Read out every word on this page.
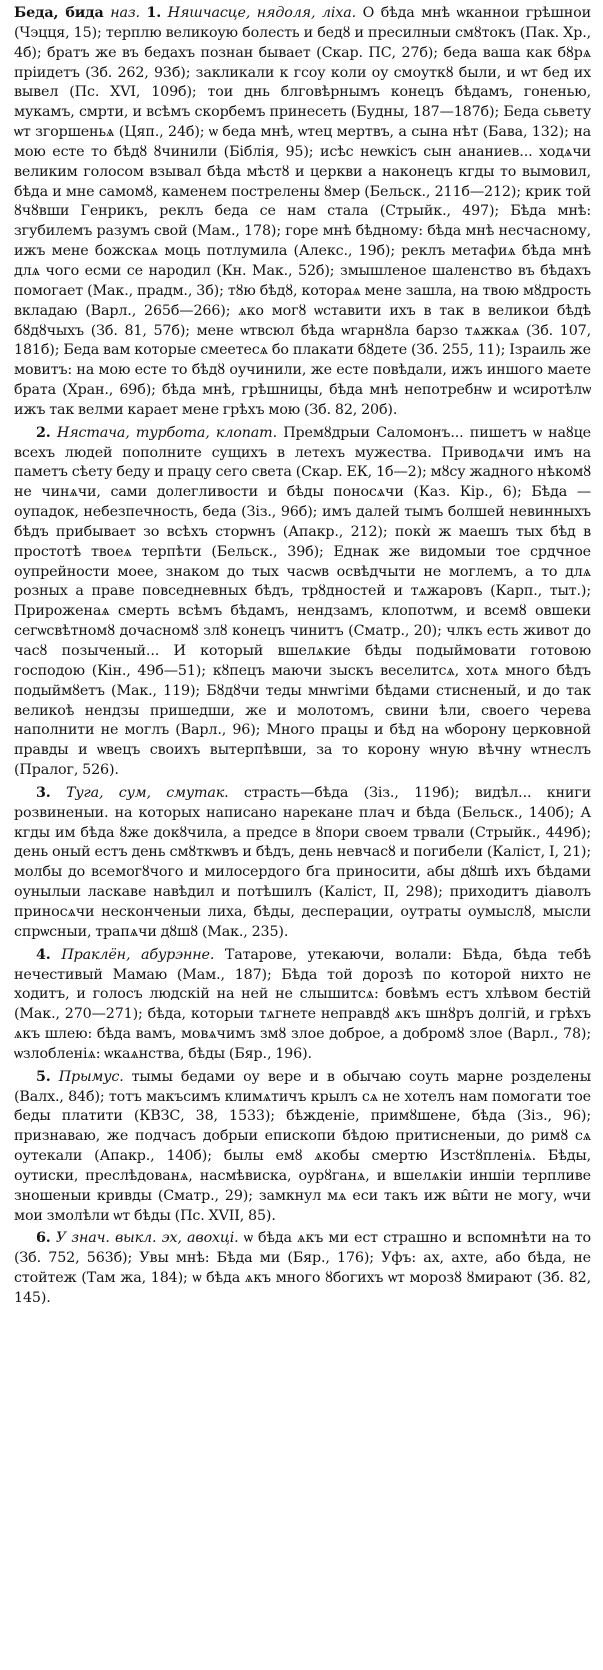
Беда, бида наз. 1. Няшчасце, нядоля, ліха. О бѣда мнѣ ѡканнои грѣшнои (Чэцця, 15); терплю великоую болесть и бедȣ и пресилныи смȣтокъ (Пак. Хр., 4б); братъ же въ бедахъ познан бывает (Скар. ПС, 27б); беда ваша как бȣрѧ прiидетъ (Зб. 262, 93б); закликали к гсоу коли оу смоуткȣ были, и ѡт бед их вывел (Пс. XVI, 109б); тои днь блговѣрнымъ конецъ бѣдамъ, гоненью, мукамъ, смрти, и всѣмъ скорбемъ принесеть (Будны, 187—187б); Беда сьвету ѡт згоршеньѧ (Цяп., 24б); ѡ беда мнѣ, ѡтец мертвъ, а сына нѣт (Бава, 132); на мою есте то бѣдȣ ȣчинили (Біблія, 95); исѣс неѡкiсъ сын ананиев... ходѧчи великим голосом взывал бѣда мѣстȣ и церкви а наконецъ кгды то вымовил, бѣда и мне самомȣ, каменем пострелены ȣмер (Бельск., 211б—212); крик той ȣчȣвши Генрикъ, реклъ беда се нам стала (Стрыйк., 497); Бѣда мнѣ: згубилемъ разумъ свой (Мам., 178); горе мнѣ бѣдному: бѣда мнѣ несчасному, ижъ мене божскаѧ моць потлумила (Алекс., 19б); реклъ метафиѧ бѣда мнѣ длѧ чого есми се народил (Кн. Мак., 52б); змышленое шаленство въ бѣдахъ помогает (Мак., прадм., 3б); тȣю бѣдȣ, котораѧ мене зашла, на твою мȣдрость вкладаю (Варл., 265б—266); ѧко могȣ ѡставити ихъ в так в великои бѣдѣ бȣдȣчыхъ (Зб. 81, 57б); мене ѡтвсюл бѣда ѡгарнȣла барзо тѧжкаѧ (Зб. 107, 181б); Беда вам которые смеетесѧ бо плакати бȣдете (Зб. 255, 11); Ізраиль же мовитъ: на мою есте то бѣдȣ оучинили, же есте повѣдали, ижъ иншого маете брата (Хран., 69б); бѣда мнѣ, грѣшницы, бѣда мнѣ непотребнѡ и ѡсиротѣлѡ ижъ так велми карает мене грѣхъ мою (Зб. 82, 20б).

2. Нястача, турбота, клопат. Премȣдрыи Саломонъ... пишетъ ѡ нaȣце всехъ людей пополните сущихъ в летехъ мужества. Приводѧчи имъ на паметъ сѣету беду и працу сего света (Скар. ЕК, 1б—2); мȣсу жадного нѣкомȣ не чинѧчи, сами долегливости и бѣды поносѧчи (Каз. Кір., 6); Бѣда — оупадок, небезпечность, беда (Зіз., 96б); имъ далей тымъ болшей невинныхъ бѣдъ прибывает зо всѣхъ сторѡнъ (Апакр., 212); покѝ ж маешъ тых бѣд в простотѣ твоеѧ терпѣти (Бельск., 39б); Еднак же видомыи тое срдчное оупрейности моее, знаком до тых часѡв освѣдчыти не моглемъ, а то длѧ розных а праве повседневных бѣдъ, трȣдностей и тѧжаровъ (Карп., тыт.); Прироженаѧ смерть всѣмъ бѣдамъ, нендзамъ, клопотѡм, и всемȣ овшеки сегѡсвѣтномȣ дочасномȣ злȣ конецъ чинитъ (Сматр., 20); члкъ есть живот до часȣ позыченый... И который вшелѧкие бѣды подыймовати готовою господою (Кін., 49б—51); кȣпецъ маючи зыскъ веселитсѧ, хотѧ много бѣдъ подыймȣетъ (Мак., 119); Бȣдȣчи теды мнѡгiми бѣдами стисненый, и до так великоѣ нендзы пришедши, же и молотомъ, свини ѣли, своего черева наполнити не моглъ (Варл., 96); Много працы и бѣд на ѡборону церковной правды и ѡвецъ своихъ вытерпѣвши, за то корону ѡную вѣчну ѡтнеслъ (Пралог, 526).

3. Туга, сум, смутак. страсть—бѣда (Зіз., 119б); видѣл... книги розвиненыи. на которых написано нарекане плач и бѣда (Бельск., 140б); А кгды им бѣда ȣже докȣчила, а предсе в ȣпори своем трвали (Стрыйк., 449б); день оный естъ день смȣткѡвъ и бѣдъ, день невчасȣ и погибели (Каліст, І, 21); молбы до всемогȣчого и милосердого бга приносити, абы дȣшѣ ихъ бѣдами оунылыи ласкаве навѣдил и потѣшилъ (Каліст, ІІ, 298); приходитъ дiаволъ приносѧчи несконченыи лиха, бѣды, десперации, оутраты оумыслȣ, мысли спрѡсныи, трапѧчи дȣшȣ (Мак., 235).

4. Праклён, абурэнне. Татарове, утекаючи, волали: Бѣда, бѣда тебѣ нечестивый Мамаю (Мам., 187); Бѣда той дорозѣ по которой нихто не ходитъ, и голосъ людскiй на ней не слышитсѧ: бовѣмъ естъ хлѣвом бестiй (Мак., 270—271); бѣда, которыи тѧгнете неправдȣ ѧкъ шнȣръ долгiй, и грѣхъ ѧкъ шлею: бѣда вамъ, мовѧчимъ змȣ злое доброе, а добромȣ злое (Варл., 78); ѡзлоблeнiѧ: ѡкаѧнства, бѣды (Бяр., 196).

5. Прымус. тымы бедами оу вере и в обычаю соуть марне розделены (Валх., 84б); тотъ макъсимъ климѧтичъ крылъ сѧ не хотелъ нам помогати тое беды платити (КВЗС, 38, 1533); бѣжденiе, примȣшене, бѣда (Зіз., 96); признаваю, же подчасъ добрыи епископи бѣдою притисненыи, до римȣ сѧ оутекали (Апакр., 140б); былы емȣ ѧкобы смертю Изстȣпленiѧ. Бѣды, оутиски, преслѣдованѧ, насмѣвиска, оурȣганѧ, и вшелѧкiи иншiи терпливе зношеныи кривды (Сматр., 29); замкнул мѧ еси такъ иж вы̑ти не могу, ѡчи мои змолѣли ѡт бѣды (Пс. XVII, 85).

6. У знач. выкл. эх, авохці. ѡ бѣда ѧкъ ми ест страшно и вспомнѣти на то (Зб. 752, 563б); Увы мнѣ: Бѣда ми (Бяр., 176); Уфъ: ах, ахте, або бѣда, не стойтеж (Там жа, 184); ѡ бѣда ѧкъ много ȣбогихъ ѡт морозȣ ȣмирают (Зб. 82, 145).
